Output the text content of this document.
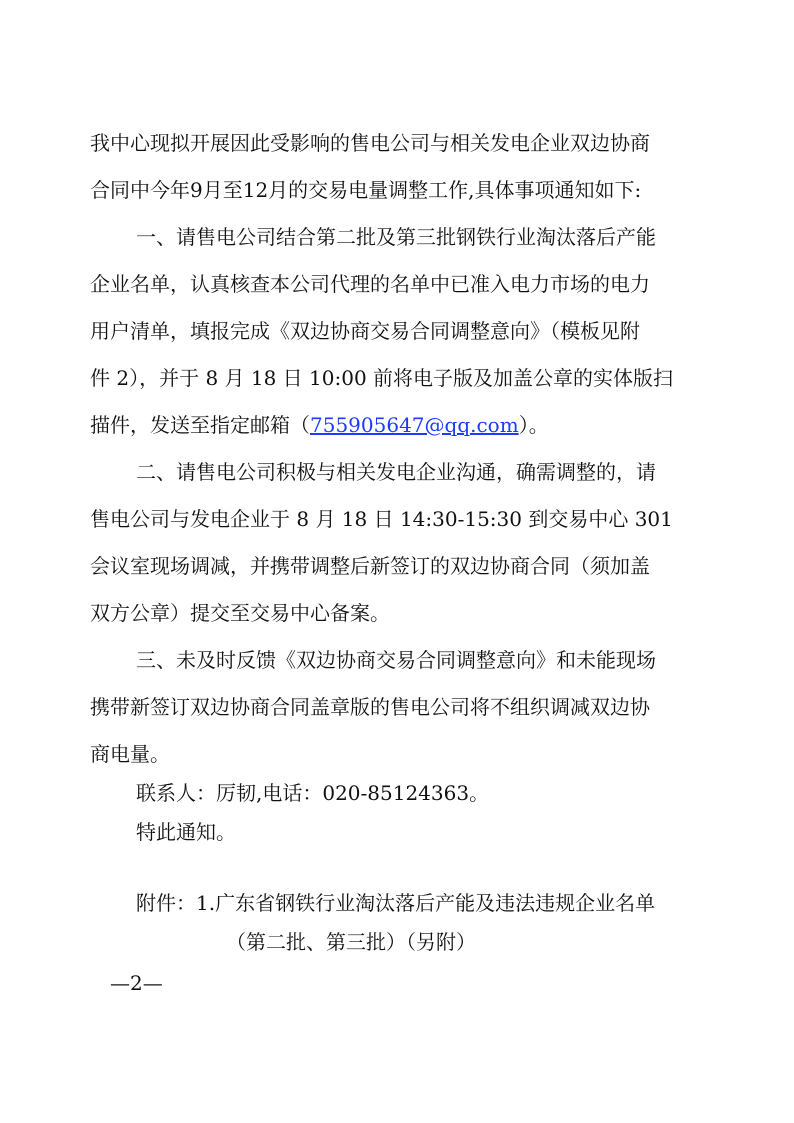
我中心现拟开展因此受影响的售电公司与相关发电企业双边协商
合同中今年9月至12月的交易电量调整工作,具体事项通知如下:
一、请售电公司结合第二批及第三批钢铁行业淘汰落后产能
企业名单，认真核查本公司代理的名单中已准入电力市场的电力
用户清单，填报完成《双边协商交易合同调整意向》（模板见附
件 2），并于 8 月 18 日 10:00 前将电子版及加盖公章的实体版扫
描件，发送至指定邮箱（755905647@qq.com）。
二、请售电公司积极与相关发电企业沟通，确需调整的，请
售电公司与发电企业于 8 月 18 日 14:30-15:30 到交易中心 301
会议室现场调减，并携带调整后新签订的双边协商合同（须加盖
双方公章）提交至交易中心备案。
三、未及时反馈《双边协商交易合同调整意向》和未能现场
携带新签订双边协商合同盖章版的售电公司将不组织调减双边协
商电量。
联系人：厉韧,电话：020-85124363。
特此通知。
附件：1.广东省钢铁行业淘汰落后产能及违法违规企业名单
（第二批、第三批）（另附）
—2—
